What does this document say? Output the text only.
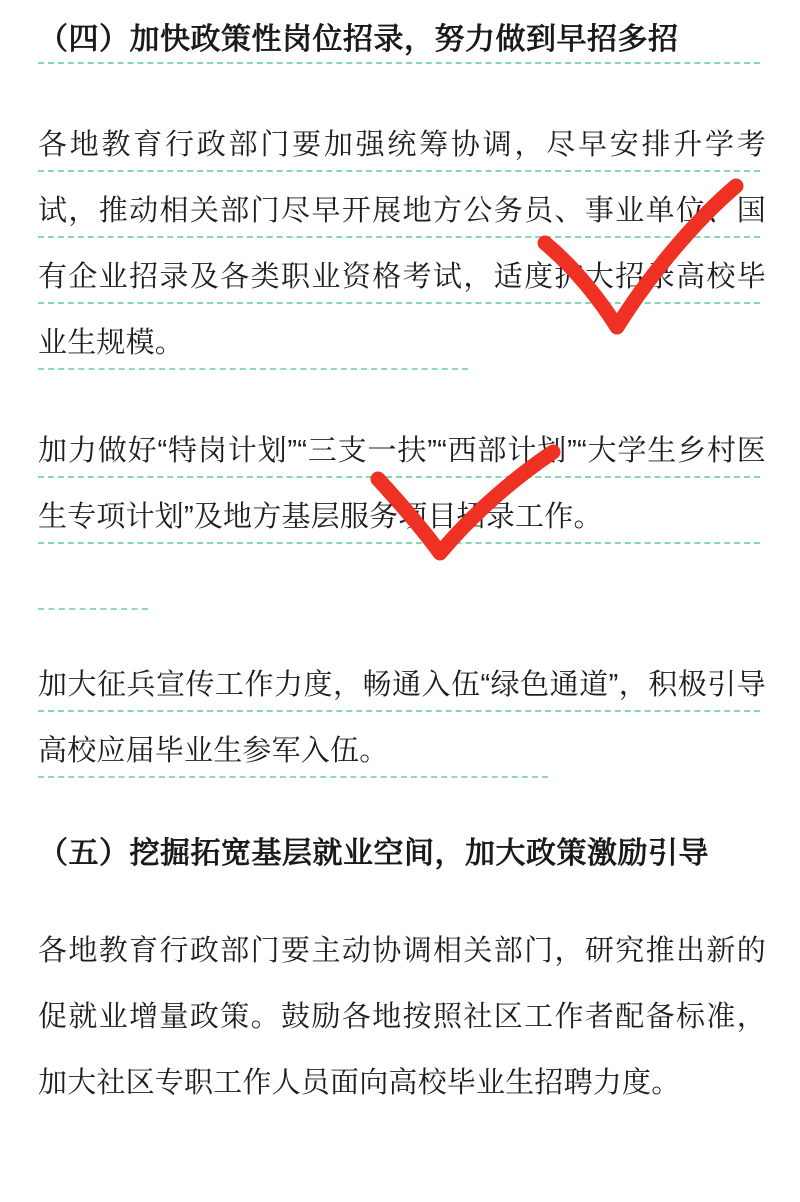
（四）加快政策性岗位招录，努力做到早招多招
各地教育行政部门要加强统筹协调，尽早安排升学考试，推动相关部门尽早开展地方公务员、事业单位、国有企业招录及各类职业资格考试，适度扩大招录高校毕业生规模。
加力做好“特岗计划”“三支一扶”“西部计划”“大学生乡村医生专项计划”及地方基层服务项目招录工作。
加大征兵宣传工作力度，畅通入伍“绿色通道”，积极引导高校应届毕业生参军入伍。
（五）挖掘拓宽基层就业空间，加大政策激励引导
各地教育行政部门要主动协调相关部门，研究推出新的促就业增量政策。鼓励各地按照社区工作者配备标准，加大社区专职工作人员面向高校毕业生招聘力度。
